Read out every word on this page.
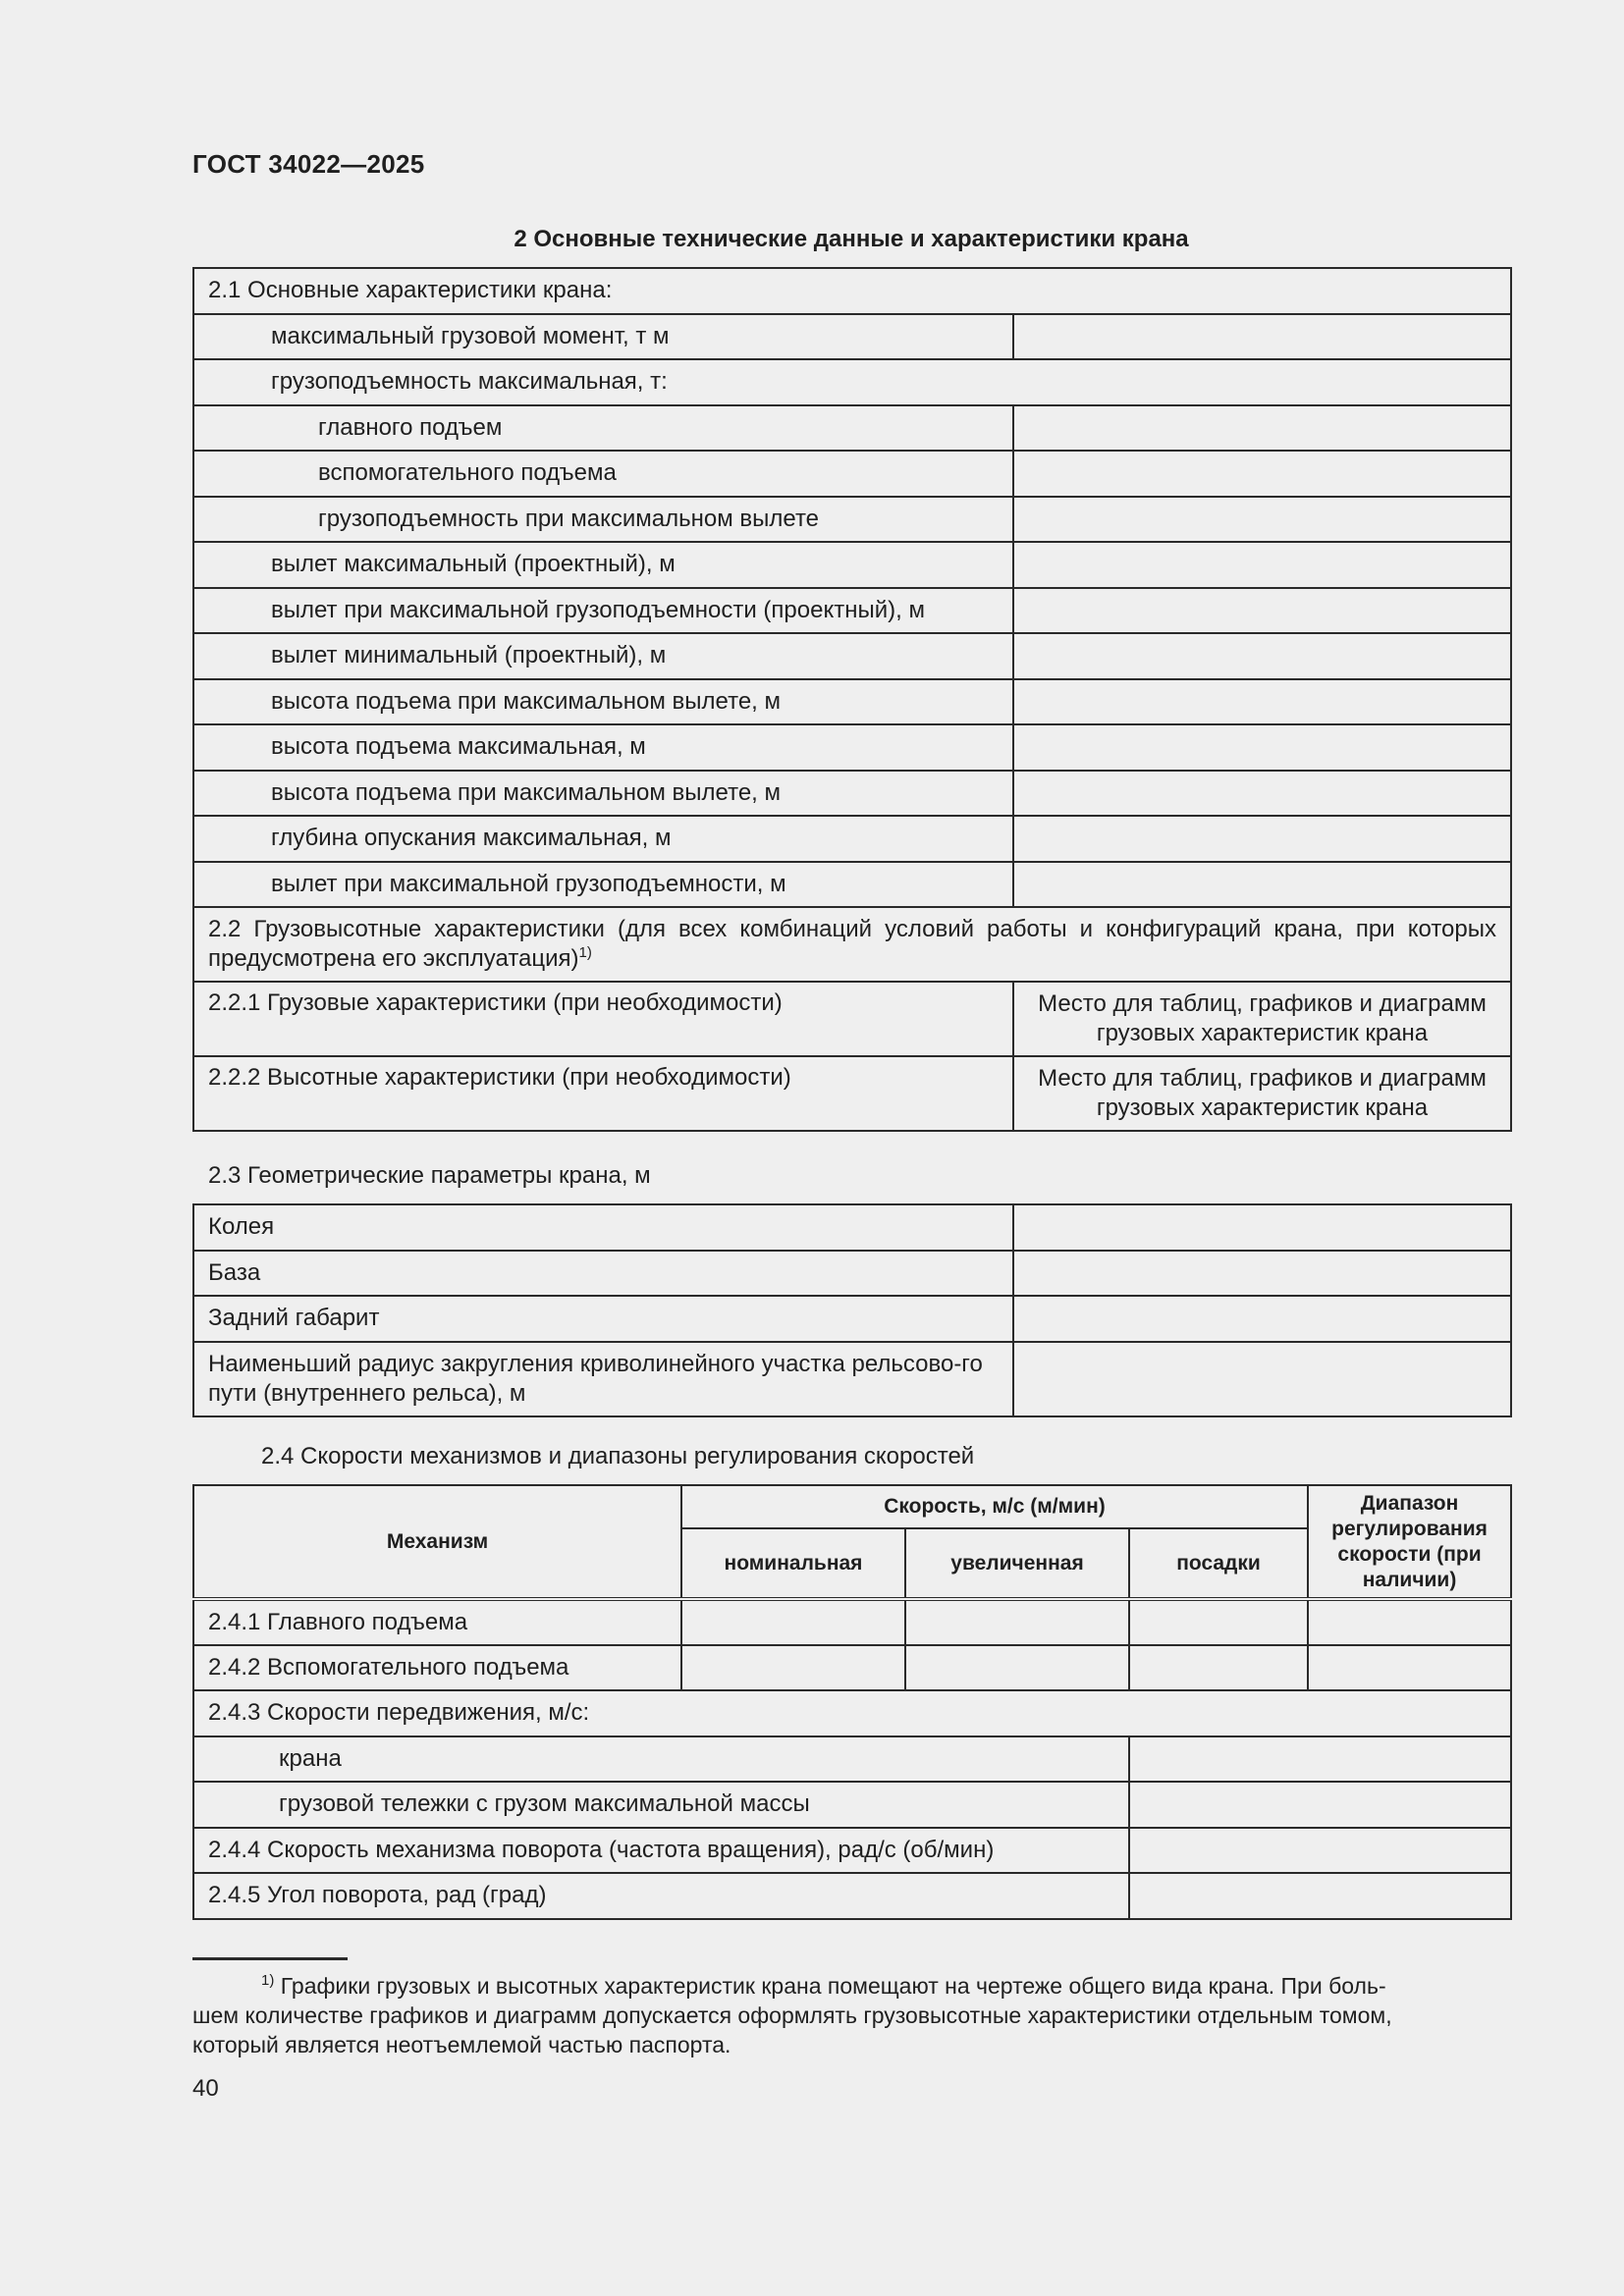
ГОСТ 34022—2025
2 Основные технические данные и характеристики крана
2.1 Основные характеристики крана:	
максимальный грузовой момент, т м	
грузоподъемность максимальная, т:	
главного подъем	
вспомогательного подъема	
грузоподъемность при максимальном вылете	
вылет максимальный (проектный), м	
вылет при максимальной грузоподъемности (проектный), м	
вылет минимальный (проектный), м	
высота подъема при максимальном вылете, м	
высота подъема максимальная, м	
высота подъема при максимальном вылете, м	
глубина опускания максимальная, м	
вылет при максимальной грузоподъемности, м	
2.2 Грузовысотные характеристики (для всех комбинаций условий работы и конфигураций крана, при которых предусмотрена его эксплуатация)$^{1)}$
2.2.1 Грузовые характеристики (при необходимости)	Место для таблиц, графиков и диаграмм грузовых характеристик крана
2.2.2 Высотные характеристики (при необходимости)	Место для таблиц, графиков и диаграмм грузовых характеристик крана
2.3 Геометрические параметры крана, м
Колея	
База	
Задний габарит	
Наименьший радиус закругления криволинейного участка рельсово-го пути (внутреннего рельса), м	
2.4 Скорости механизмов и диапазоны регулирования скоростей
Механизм	Скорость, м/с (м/мин)			Диапазон регулирования скорости (при наличии)
	номинальная	увеличенная	посадки	
2.4.1 Главного подъема				
2.4.2 Вспомогательного подъема				
2.4.3 Скорости передвижения, м/с:				
крана				
грузовой тележки с грузом максимальной массы				
2.4.4 Скорость механизма поворота (частота вращения), рад/с (об/мин)				
2.4.5 Угол поворота, рад (град)				
$^{1)}$ Графики грузовых и высотных характеристик крана помещают на чертеже общего вида крана. При боль-
шем количестве графиков и диаграмм допускается оформлять грузовысотные характеристики отдельным томом,
который является неотъемлемой частью паспорта.
40
